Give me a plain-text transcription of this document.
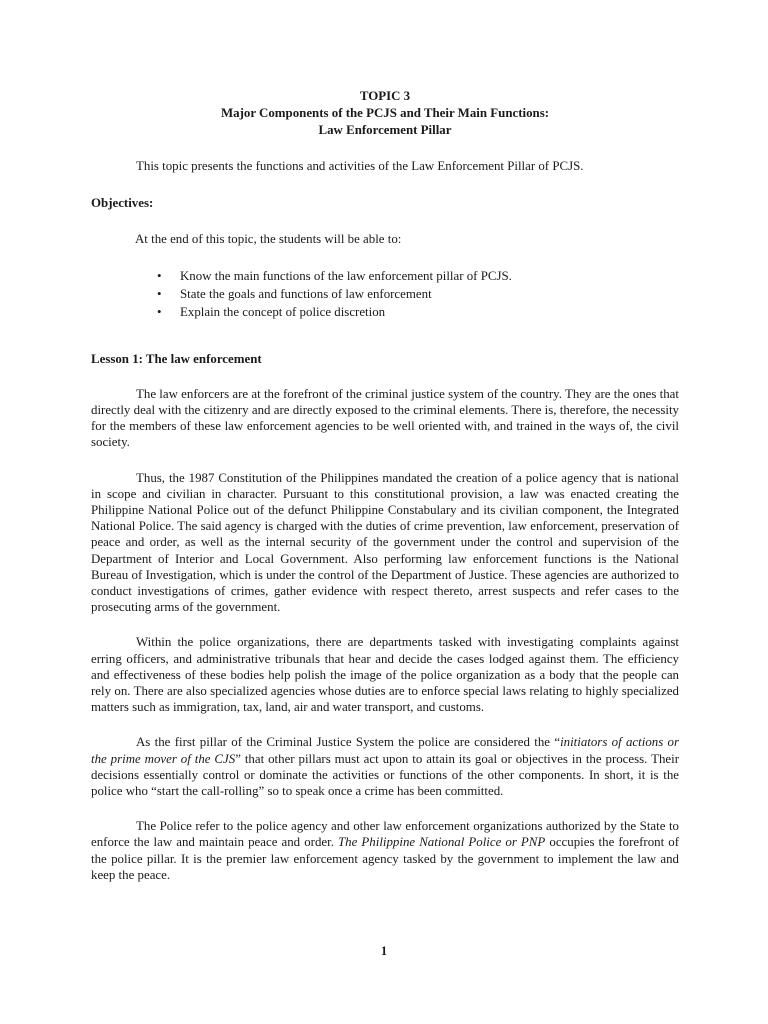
TOPIC 3
Major Components of the PCJS and Their Main Functions:
Law Enforcement Pillar

This topic presents the functions and activities of the Law Enforcement Pillar of PCJS.

Objectives:
At the end of this topic, the students will be able to:
• Know the main functions of the law enforcement pillar of PCJS.
• State the goals and functions of law enforcement
• Explain the concept of police discretion
Lesson 1: The law enforcement

The law enforcers are at the forefront of the criminal justice system of the country. They are the ones that directly deal with the citizenry and are directly exposed to the criminal elements. There is, therefore, the necessity for the members of these law enforcement agencies to be well oriented with, and trained in the ways of, the civil society.

Thus, the 1987 Constitution of the Philippines mandated the creation of a police agency that is national in scope and civilian in character. Pursuant to this constitutional provision, a law was enacted creating the Philippine National Police out of the defunct Philippine Constabulary and its civilian component, the Integrated National Police. The said agency is charged with the duties of crime prevention, law enforcement, preservation of peace and order, as well as the internal security of the government under the control and supervision of the Department of Interior and Local Government. Also performing law enforcement functions is the National Bureau of Investigation, which is under the control of the Department of Justice. These agencies are authorized to conduct investigations of crimes, gather evidence with respect thereto, arrest suspects and refer cases to the prosecuting arms of the government.

Within the police organizations, there are departments tasked with investigating complaints against erring officers, and administrative tribunals that hear and decide the cases lodged against them. The efficiency and effectiveness of these bodies help polish the image of the police organization as a body that the people can rely on. There are also specialized agencies whose duties are to enforce special laws relating to highly specialized matters such as immigration, tax, land, air and water transport, and customs.

As the first pillar of the Criminal Justice System the police are considered the “initiators of actions or the prime mover of the CJS” that other pillars must act upon to attain its goal or objectives in the process. Their decisions essentially control or dominate the activities or functions of the other components. In short, it is the police who “start the call-rolling” so to speak once a crime has been committed.

The Police refer to the police agency and other law enforcement organizations authorized by the State to enforce the law and maintain peace and order. The Philippine National Police or PNP occupies the forefront of the police pillar. It is the premier law enforcement agency tasked by the government to implement the law and keep the peace.

1
